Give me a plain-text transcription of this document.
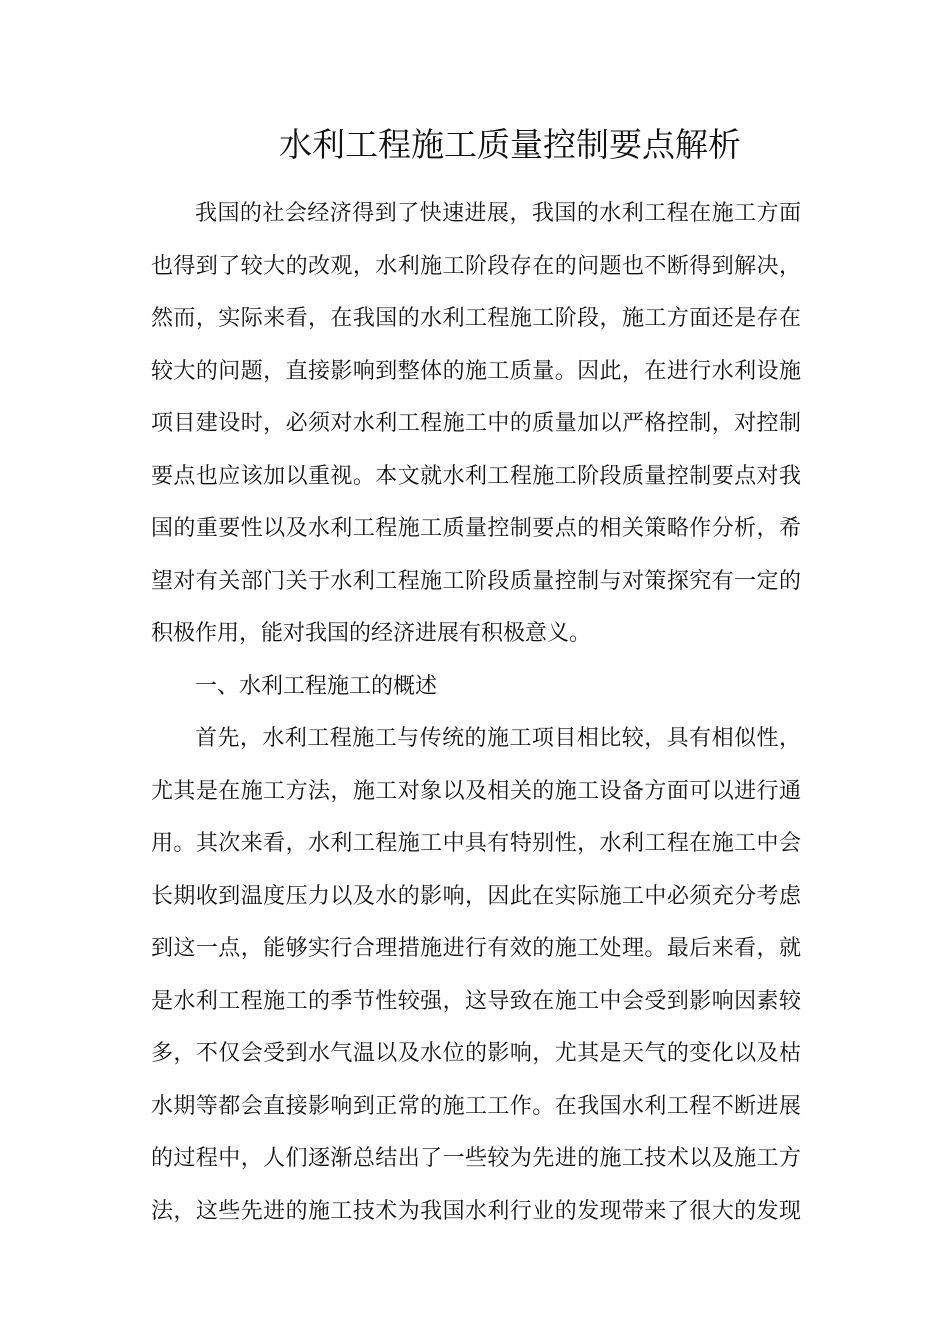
水利工程施工质量控制要点解析
我国的社会经济得到了快速进展，我国的水利工程在施工方面
也得到了较大的改观，水利施工阶段存在的问题也不断得到解决，
然而，实际来看，在我国的水利工程施工阶段，施工方面还是存在
较大的问题，直接影响到整体的施工质量。因此，在进行水利设施
项目建设时，必须对水利工程施工中的质量加以严格控制，对控制
要点也应该加以重视。本文就水利工程施工阶段质量控制要点对我
国的重要性以及水利工程施工质量控制要点的相关策略作分析，希
望对有关部门关于水利工程施工阶段质量控制与对策探究有一定的
积极作用，能对我国的经济进展有积极意义。
一、水利工程施工的概述
首先，水利工程施工与传统的施工项目相比较，具有相似性，
尤其是在施工方法，施工对象以及相关的施工设备方面可以进行通
用。其次来看，水利工程施工中具有特别性，水利工程在施工中会
长期收到温度压力以及水的影响，因此在实际施工中必须充分考虑
到这一点，能够实行合理措施进行有效的施工处理。最后来看，就
是水利工程施工的季节性较强，这导致在施工中会受到影响因素较
多，不仅会受到水气温以及水位的影响，尤其是天气的变化以及枯
水期等都会直接影响到正常的施工工作。在我国水利工程不断进展
的过程中，人们逐渐总结出了一些较为先进的施工技术以及施工方
法，这些先进的施工技术为我国水利行业的发现带来了很大的发现
